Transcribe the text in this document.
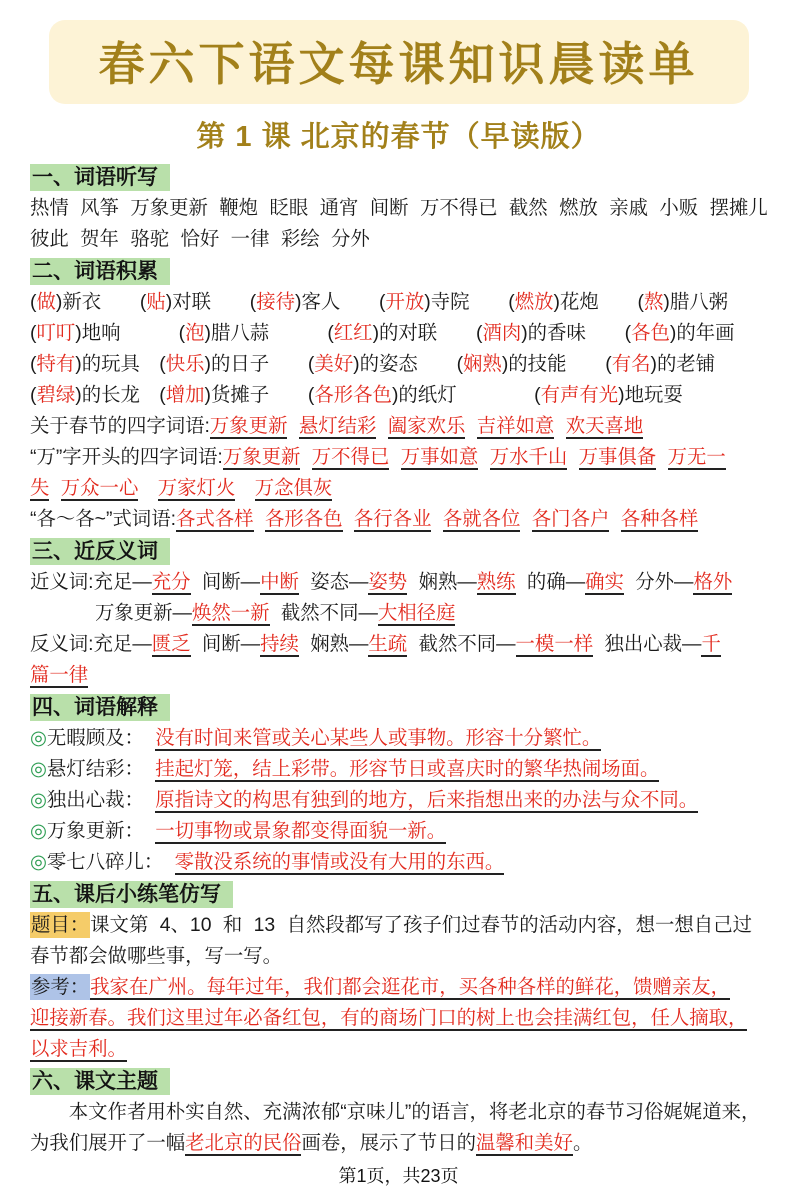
春六下语文每课知识晨读单
第 1 课 北京的春节（早读版）
一、词语听写
热情 风筝 万象更新 鞭炮 眨眼 通宵 间断 万不得已 截然 燃放 亲戚 小贩 摆摊儿
彼此 贺年 骆驼 恰好 一律 彩绘 分外
二、词语积累
(做)新衣　　(贴)对联　　(接待)客人　　(开放)寺院　　(燃放)花炮　　(熬)腊八粥
(叮叮)地响　　　(泡)腊八蒜　　　(红红)的对联　　(酒肉)的香味　　(各色)的年画
(特有)的玩具　(快乐)的日子　　(美好)的姿态　　(娴熟)的技能　　(有名)的老铺
(碧绿)的长龙　(增加)货摊子　　(各形各色)的纸灯　　　　(有声有光)地玩耍
关于春节的四字词语:万象更新 悬灯结彩 阖家欢乐 吉祥如意 欢天喜地
“万”字开头的四字词语:万象更新 万不得已 万事如意 万水千山 万事俱备 万无一
失 万众一心　 万家灯火　 万念俱灰
“各～各~”式词语:各式各样 各形各色 各行各业 各就各位 各门各户 各种各样
三、近反义词
近义词:充足—充分 间断—中断 姿态—姿势 娴熟—熟练 的确—确实 分外—格外
万象更新—焕然一新 截然不同—大相径庭
反义词:充足—匮乏 间断—持续 娴熟—生疏 截然不同—一模一样 独出心裁—千
篇一律
四、词语解释
◎无暇顾及： 没有时间来管或关心某些人或事物。形容十分繁忙。
◎悬灯结彩： 挂起灯笼，结上彩带。形容节日或喜庆时的繁华热闹场面。
◎独出心裁： 原指诗文的构思有独到的地方，后来指想出来的办法与众不同。
◎万象更新： 一切事物或景象都变得面貌一新。
◎零七八碎儿： 零散没系统的事情或没有大用的东西。
五、课后小练笔仿写
题目：课文第 4、10 和 13 自然段都写了孩子们过春节的活动内容，想一想自己过
春节都会做哪些事，写一写。
参考：我家在广州。每年过年，我们都会逛花市，买各种各样的鲜花，馈赠亲友，
迎接新春。我们这里过年必备红包，有的商场门口的树上也会挂满红包，任人摘取，
以求吉利。
六、课文主题
　　本文作者用朴实自然、充满浓郁“京味儿”的语言，将老北京的春节习俗娓娓道来，
为我们展开了一幅老北京的民俗画卷，展示了节日的温馨和美好。
第1页，共23页
